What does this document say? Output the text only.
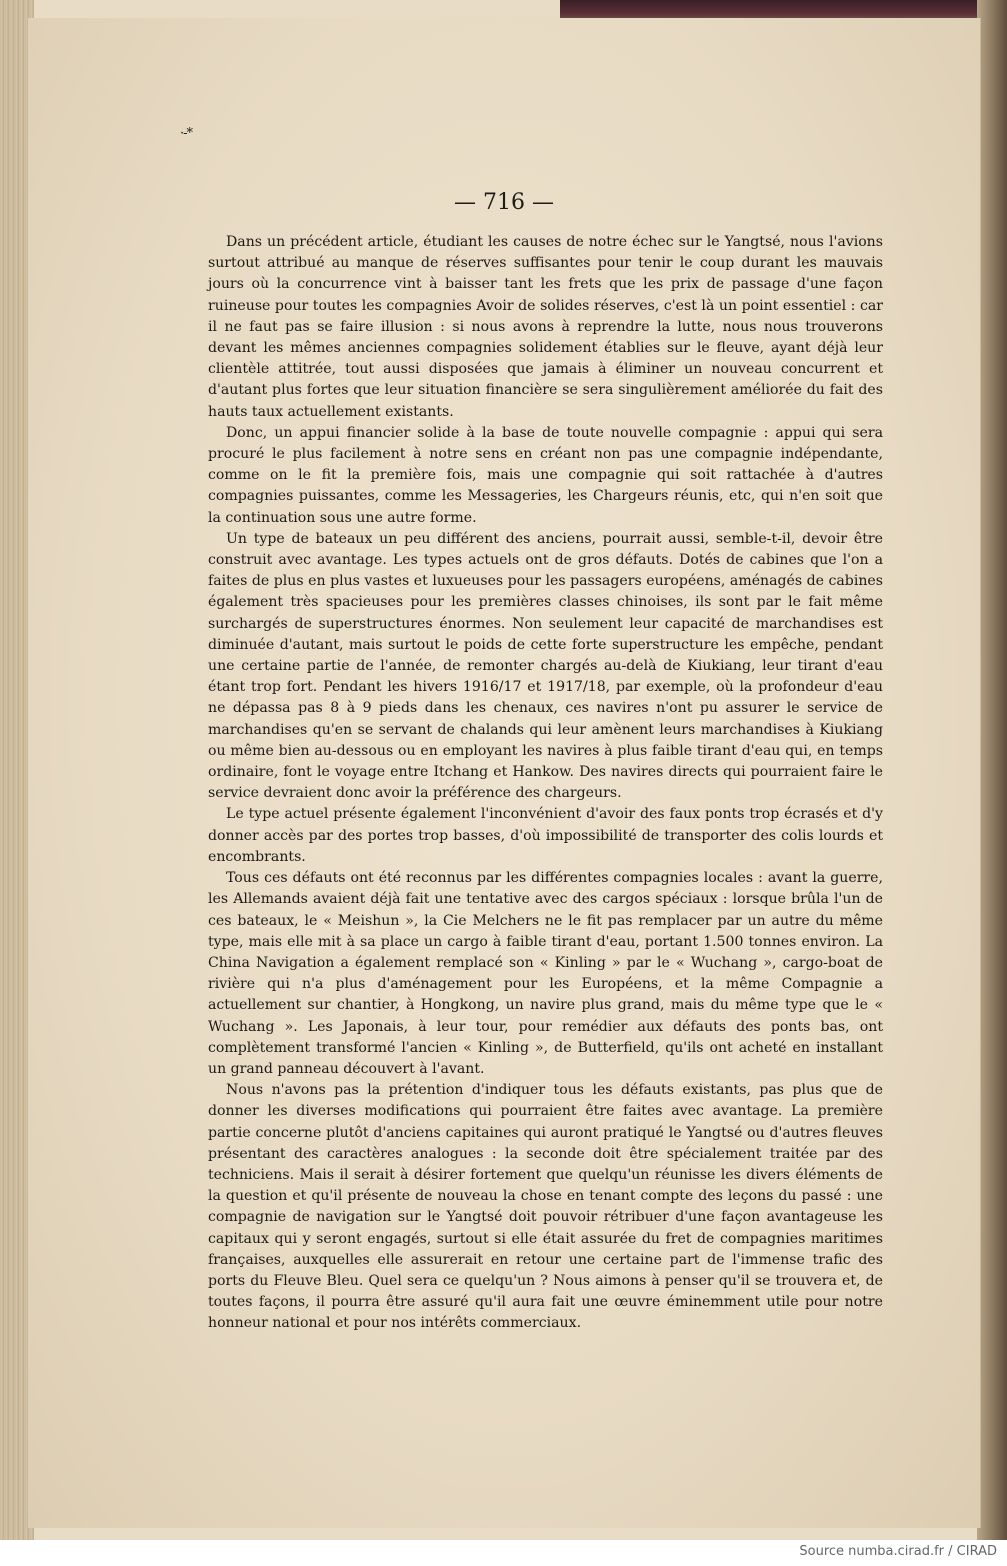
·-*
— 716 —

Dans un précédent article, étudiant les causes de notre échec sur le Yangtsé, nous l'avions surtout attribué au manque de réserves suffisantes pour tenir le coup durant les mauvais jours où la concurrence vint à baisser tant les frets que les prix de passage d'une façon ruineuse pour toutes les compagnies Avoir de solides réserves, c'est là un point essentiel : car il ne faut pas se faire illusion : si nous avons à reprendre la lutte, nous nous trouverons devant les mêmes anciennes compagnies solidement établies sur le fleuve, ayant déjà leur clientèle attitrée, tout aussi disposées que jamais à éliminer un nouveau concurrent et d'autant plus fortes que leur situation financière se sera singulièrement améliorée du fait des hauts taux actuellement existants.

Donc, un appui financier solide à la base de toute nouvelle compagnie : appui qui sera procuré le plus facilement à notre sens en créant non pas une compagnie indépendante, comme on le fit la première fois, mais une compagnie qui soit rattachée à d'autres compagnies puissantes, comme les Messageries, les Chargeurs réunis, etc, qui n'en soit que la continuation sous une autre forme.

Un type de bateaux un peu différent des anciens, pourrait aussi, semble-t-il, devoir être construit avec avantage. Les types actuels ont de gros défauts. Dotés de cabines que l'on a faites de plus en plus vastes et luxueuses pour les passagers européens, aménagés de cabines également très spacieuses pour les premières classes chinoises, ils sont par le fait même surchargés de superstructures énormes. Non seulement leur capacité de marchandises est diminuée d'autant, mais surtout le poids de cette forte superstructure les empêche, pendant une certaine partie de l'année, de remonter chargés au-delà de Kiukiang, leur tirant d'eau étant trop fort. Pendant les hivers 1916/17 et 1917/18, par exemple, où la profondeur d'eau ne dépassa pas 8 à 9 pieds dans les chenaux, ces navires n'ont pu assurer le service de marchandises qu'en se servant de chalands qui leur amènent leurs marchandises à Kiukiang ou même bien au-dessous ou en employant les navires à plus faible tirant d'eau qui, en temps ordinaire, font le voyage entre Itchang et Hankow. Des navires directs qui pourraient faire le service devraient donc avoir la préférence des chargeurs.

Le type actuel présente également l'inconvénient d'avoir des faux ponts trop écrasés et d'y donner accès par des portes trop basses, d'où impossibilité de transporter des colis lourds et encombrants.

Tous ces défauts ont été reconnus par les différentes compagnies locales : avant la guerre, les Allemands avaient déjà fait une tentative avec des cargos spéciaux : lorsque brûla l'un de ces bateaux, le « Meishun », la Cie Melchers ne le fit pas remplacer par un autre du même type, mais elle mit à sa place un cargo à faible tirant d'eau, portant 1.500 tonnes environ. La China Navigation a également remplacé son « Kinling » par le « Wuchang », cargo-boat de rivière qui n'a plus d'aménagement pour les Européens, et la même Compagnie a actuellement sur chantier, à Hongkong, un navire plus grand, mais du même type que le « Wuchang ». Les Japonais, à leur tour, pour remédier aux défauts des ponts bas, ont complètement transformé l'ancien « Kinling », de Butterfield, qu'ils ont acheté en installant un grand panneau découvert à l'avant.

Nous n'avons pas la prétention d'indiquer tous les défauts existants, pas plus que de donner les diverses modifications qui pourraient être faites avec avantage. La première partie concerne plutôt d'anciens capitaines qui auront pratiqué le Yangtsé ou d'autres fleuves présentant des caractères analogues : la seconde doit être spécialement traitée par des techniciens. Mais il serait à désirer fortement que quelqu'un réunisse les divers éléments de la question et qu'il présente de nouveau la chose en tenant compte des leçons du passé : une compagnie de navigation sur le Yangtsé doit pouvoir rétribuer d'une façon avantageuse les capitaux qui y seront engagés, surtout si elle était assurée du fret de compagnies maritimes françaises, auxquelles elle assurerait en retour une certaine part de l'immense trafic des ports du Fleuve Bleu. Quel sera ce quelqu'un ? Nous aimons à penser qu'il se trouvera et, de toutes façons, il pourra être assuré qu'il aura fait une œuvre éminemment utile pour notre honneur national et pour nos intérêts commerciaux.

Source numba.cirad.fr / CIRAD
